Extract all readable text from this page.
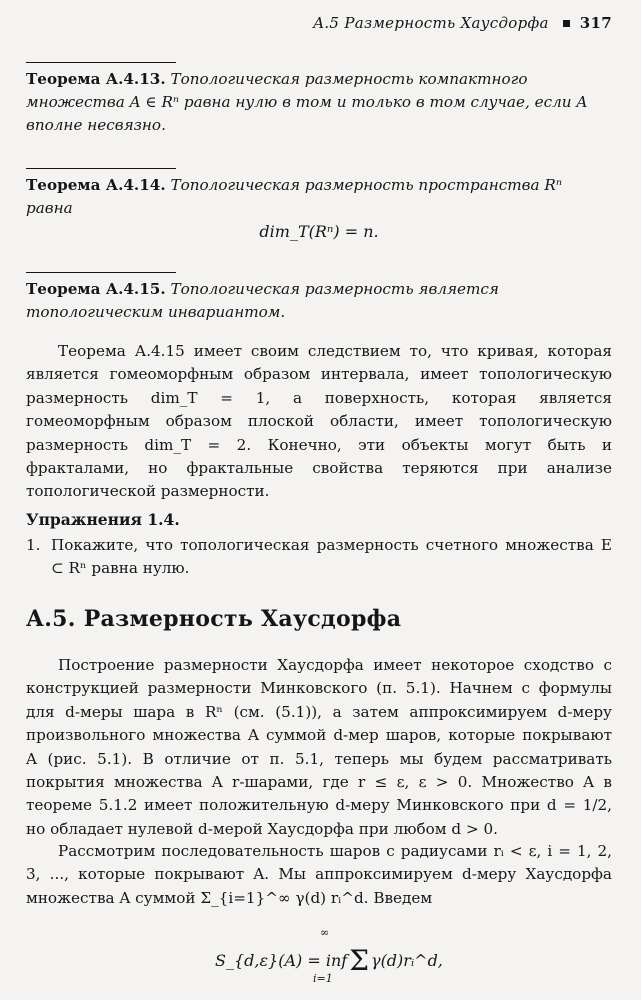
A.5 Размерность Хаусдорфа 317
Теорема А.4.13. Топологическая размерность компактного множества A ∈ Rⁿ равна нулю в том и только в том случае, если A вполне несвязно.
Теорема А.4.14. Топологическая размерность пространства Rⁿ равна
dim_T(Rⁿ) = n.
Теорема А.4.15. Топологическая размерность является топологическим инвариантом.

Теорема А.4.15 имеет своим следствием то, что кривая, которая является гомеоморфным образом интервала, имеет топологическую размерность dim_T = 1, а поверхность, которая является гомеоморфным образом плоской области, имеет топологическую размерность dim_T = 2. Конечно, эти объекты могут быть и фракталами, но фрактальные свойства теряются при анализе топологической размерности.

Упражнения 1.4.
1. Покажите, что топологическая размерность счетного множества E ⊂ Rⁿ равна нулю.
А.5. Размерность Хаусдорфа

Построение размерности Хаусдорфа имеет некоторое сходство с конструкцией размерности Минковского (п. 5.1). Начнем с формулы для d-меры шара в Rⁿ (см. (5.1)), а затем аппроксимируем d-меру произвольного множества A суммой d-мер шаров, которые покрывают A (рис. 5.1). В отличие от п. 5.1, теперь мы будем рассматривать покрытия множества A r-шарами, где r ≤ ε, ε > 0. Множество A в теореме 5.1.2 имеет положительную d-меру Минковского при d = 1/2, но обладает нулевой d-мерой Хаусдорфа при любом d > 0.

Рассмотрим последовательность шаров с радиусами rᵢ < ε, i = 1, 2, 3, ..., которые покрывают A. Мы аппроксимируем d-меру Хаусдорфа множества A суммой Σ_{i=1}^∞ γ(d) rᵢ^d. Введем

S_{d,ε}(A) = infΣ γ(d)rᵢ^d,
∞
i=1
